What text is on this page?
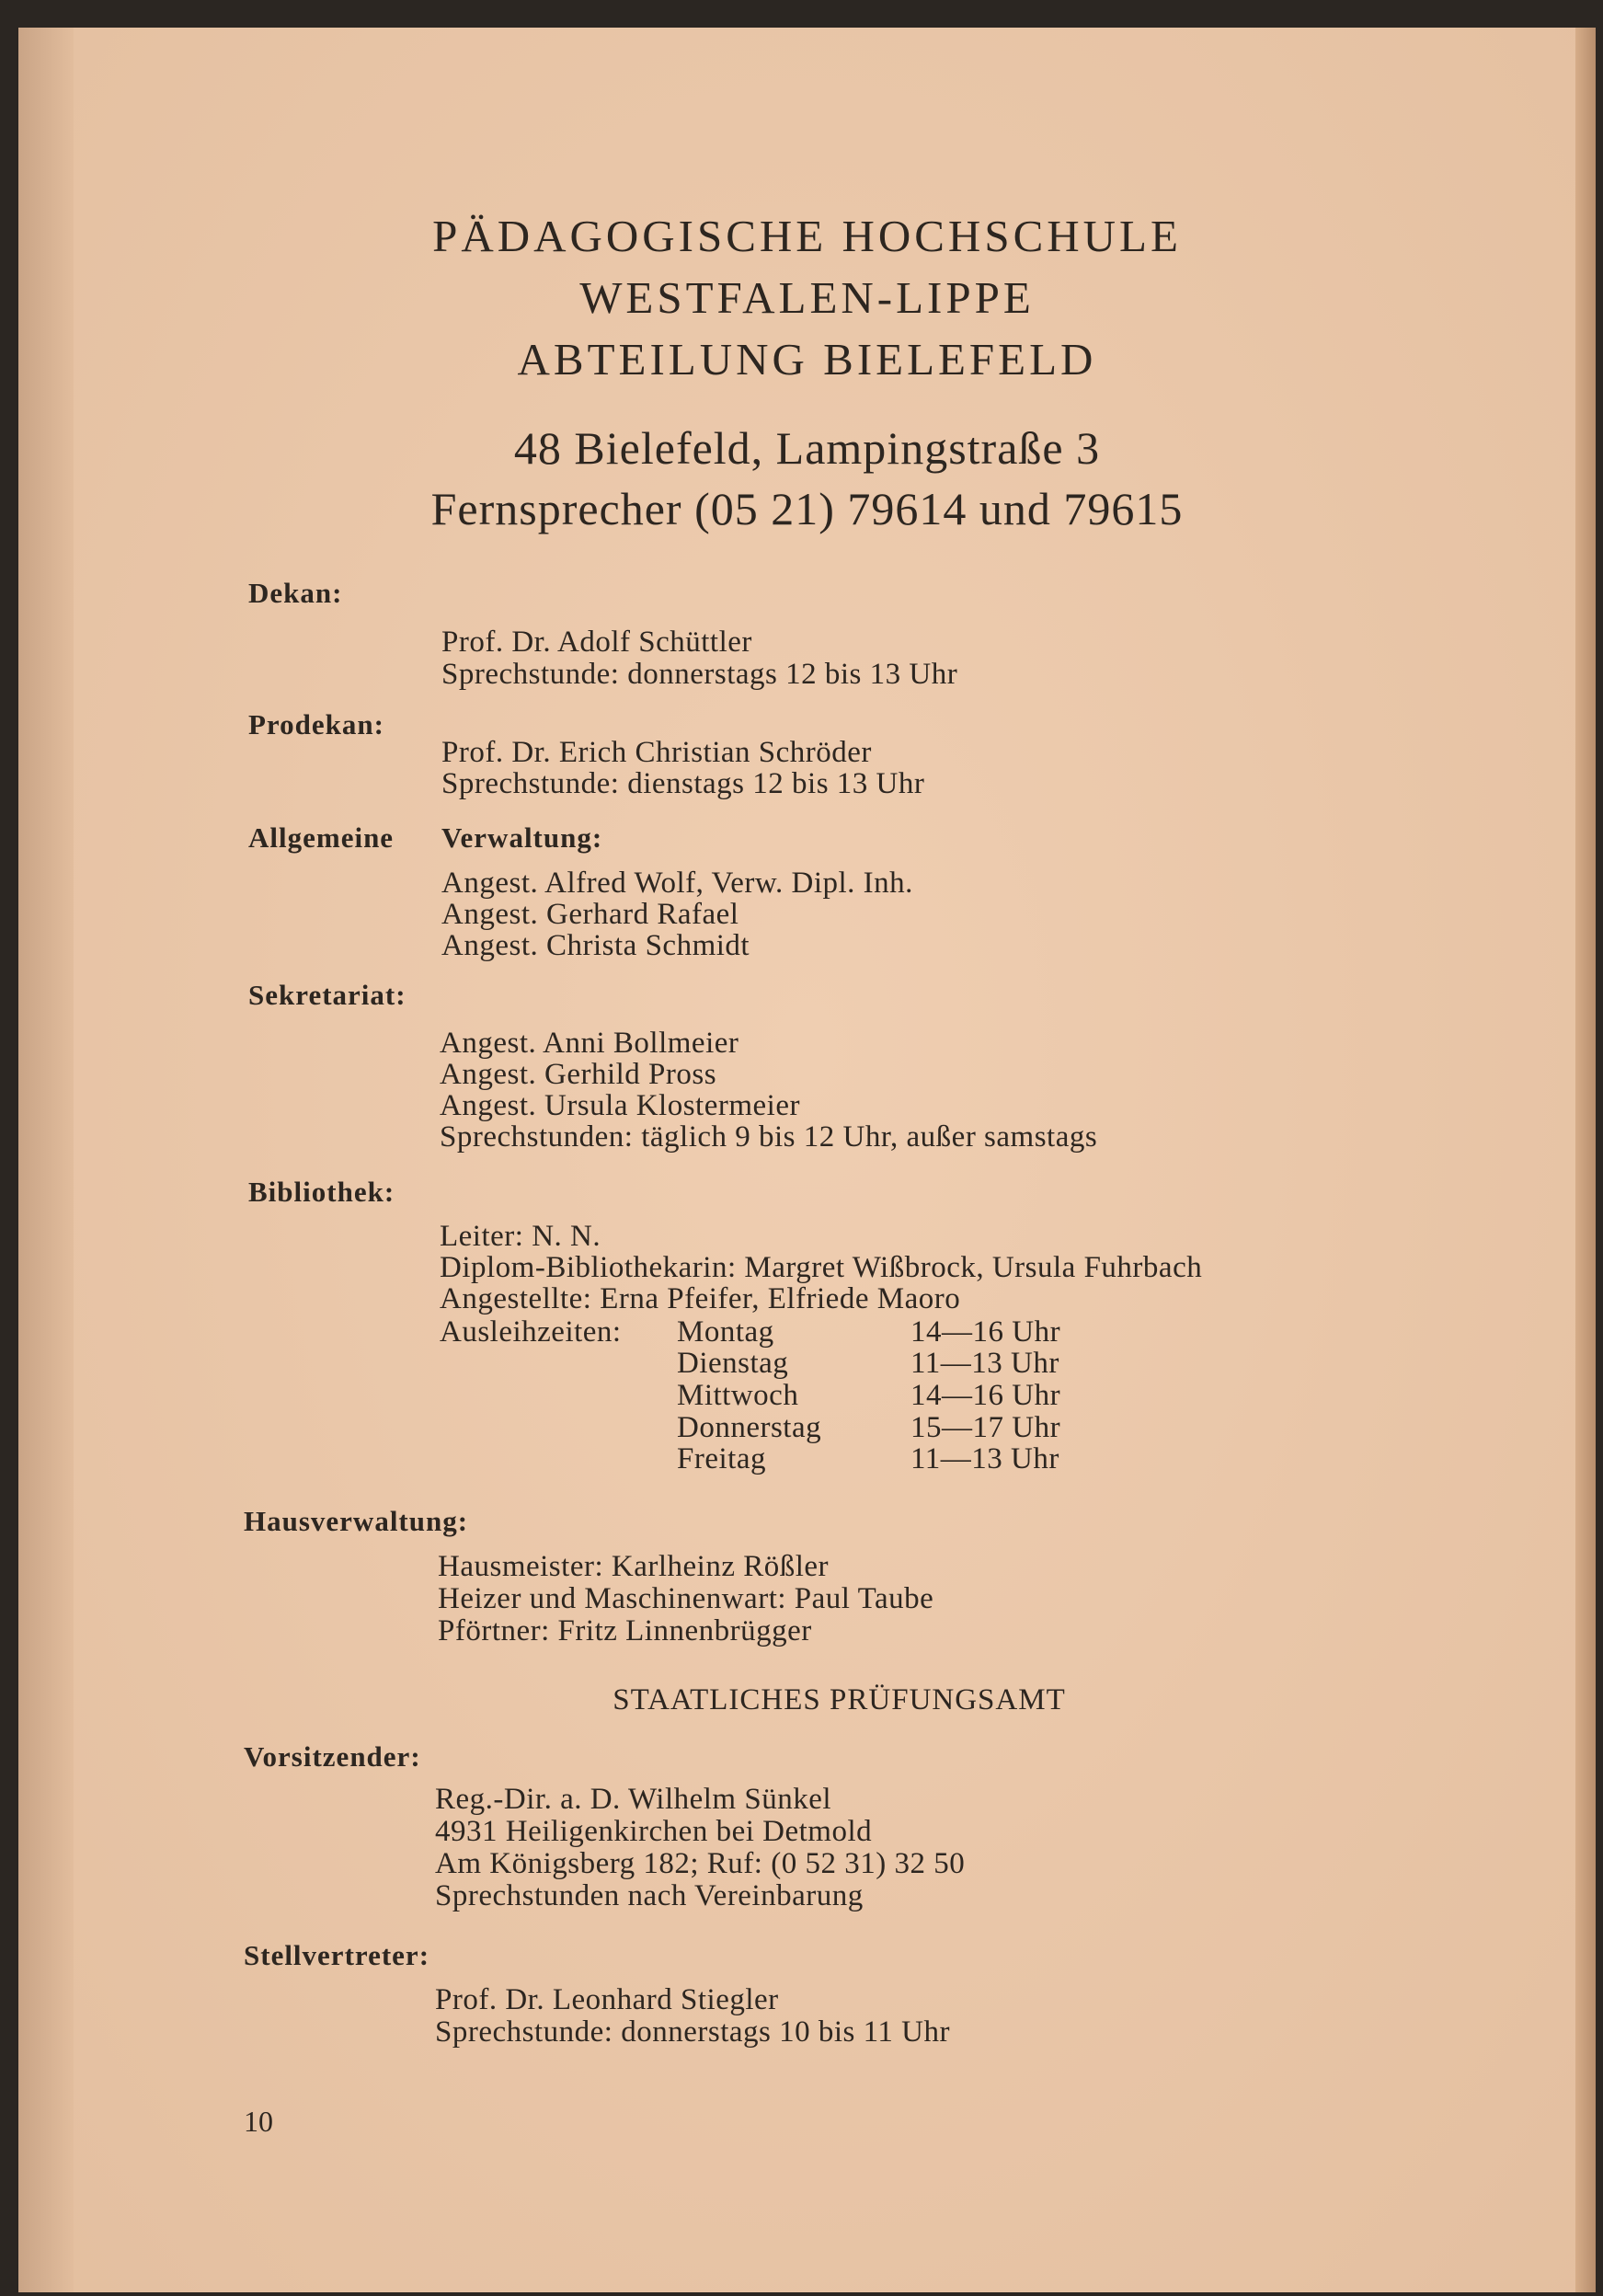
PÄDAGOGISCHE HOCHSCHULE
WESTFALEN-LIPPE
ABTEILUNG BIELEFELD
48 Bielefeld, Lampingstraße 3
Fernsprecher (05 21) 79614 und 79615
Dekan:
Prof. Dr. Adolf Schüttler
Sprechstunde: donnerstags 12 bis 13 Uhr
Prodekan:
Prof. Dr. Erich Christian Schröder
Sprechstunde: dienstags 12 bis 13 Uhr
Allgemeine Verwaltung:
Angest. Alfred Wolf, Verw. Dipl. Inh.
Angest. Gerhard Rafael
Angest. Christa Schmidt
Sekretariat:
Angest. Anni Bollmeier
Angest. Gerhild Pross
Angest. Ursula Klostermeier
Sprechstunden: täglich 9 bis 12 Uhr, außer samstags
Bibliothek:
Leiter: N. N.
Diplom-Bibliothekarin: Margret Wißbrock, Ursula Fuhrbach
Angestellte: Erna Pfeifer, Elfriede Maoro
Ausleihzeiten: Montag	14—16 Uhr
Dienstag	11—13 Uhr
Mittwoch	14—16 Uhr
Donnerstag	15—17 Uhr
Freitag	11—13 Uhr
Hausverwaltung:
Hausmeister: Karlheinz Rößler
Heizer und Maschinenwart: Paul Taube
Pförtner: Fritz Linnenbrügger
STAATLICHES PRÜFUNGSAMT
Vorsitzender:
Reg.-Dir. a. D. Wilhelm Sünkel
4931 Heiligenkirchen bei Detmold
Am Königsberg 182; Ruf: (0 52 31) 32 50
Sprechstunden nach Vereinbarung
Stellvertreter:
Prof. Dr. Leonhard Stiegler
Sprechstunde: donnerstags 10 bis 11 Uhr
10
